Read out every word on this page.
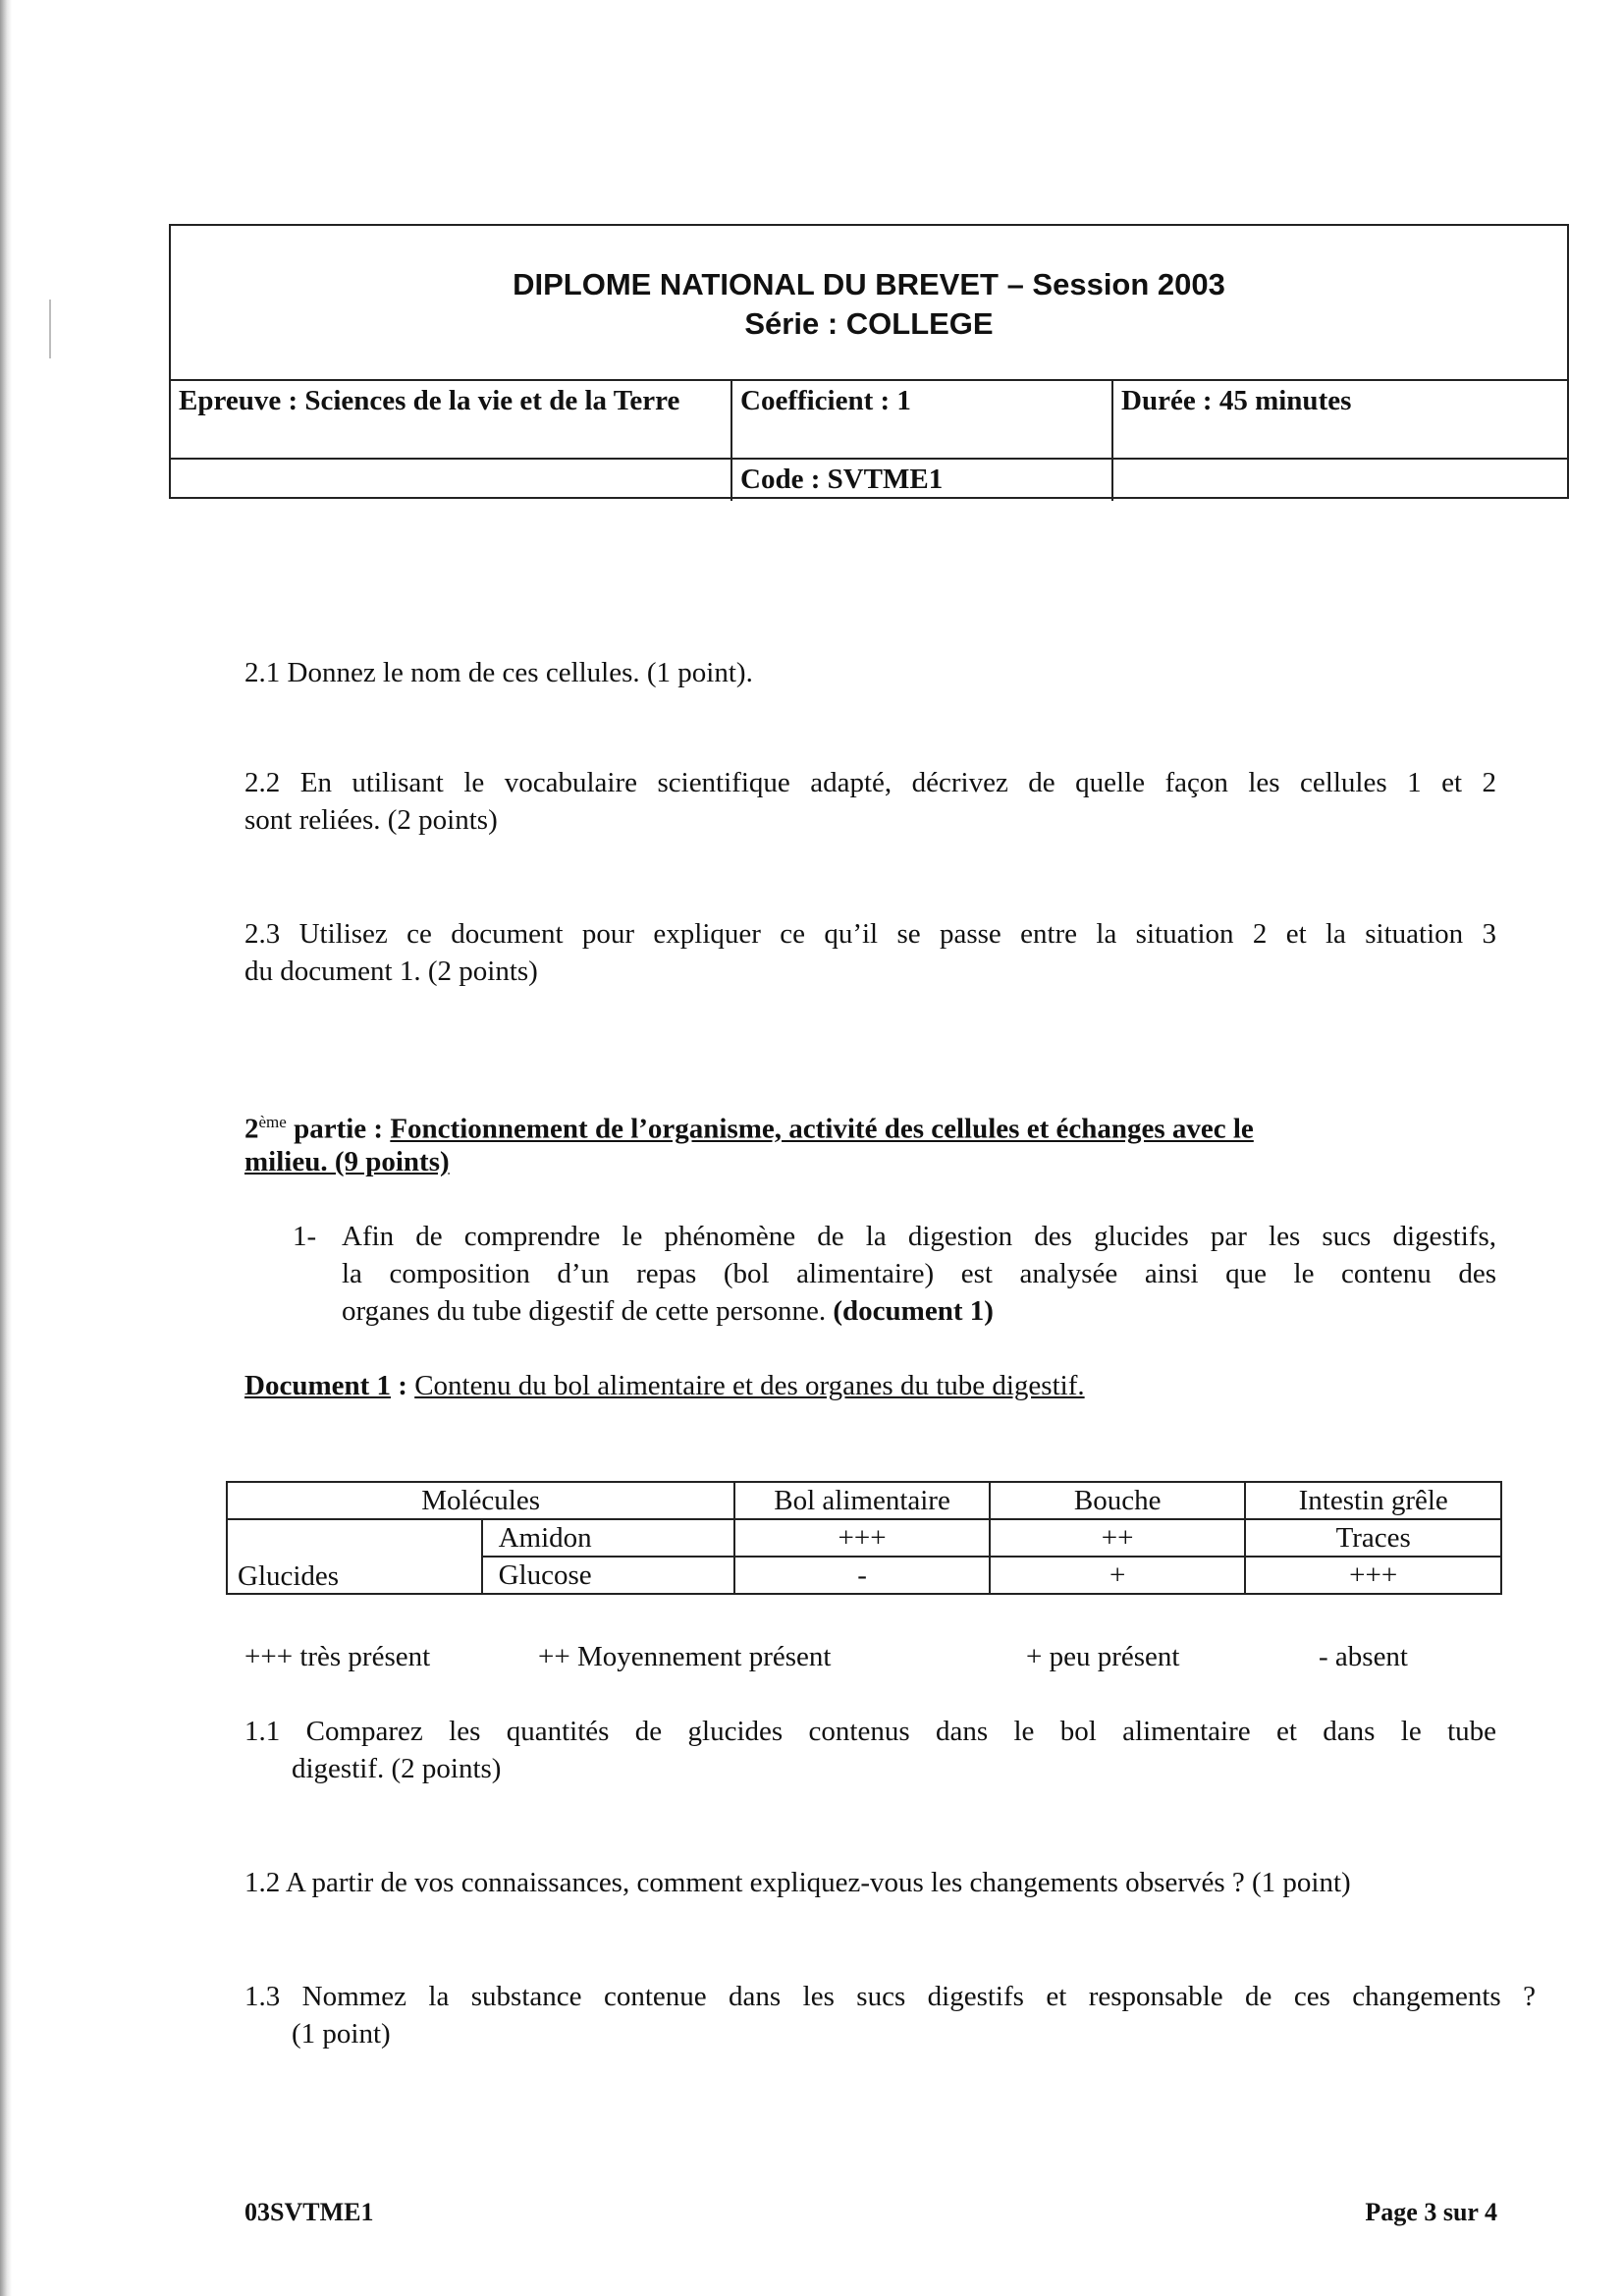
DIPLOME NATIONAL DU BREVET – Session 2003
Série : COLLEGE
Epreuve : Sciences de la vie et de la Terre	Coefficient : 1	Durée : 45 minutes
Code : SVTME1
2.1 Donnez le nom de ces cellules. (1 point).
2.2 En utilisant le vocabulaire scientifique adapté, décrivez de quelle façon les cellules 1 et 2
sont reliées. (2 points)
2.3 Utilisez ce document pour expliquer ce qu’il se passe entre la situation 2 et la situation 3
du document 1. (2 points)
2ème partie : Fonctionnement de l’organisme, activité des cellules et échanges avec le
milieu. (9 points)
1- Afin de comprendre le phénomène de la digestion des glucides par les sucs digestifs,
la composition d’un repas (bol alimentaire) est analysée ainsi que le contenu des
organes du tube digestif de cette personne. (document 1)
Document 1 : Contenu du bol alimentaire et des organes du tube digestif.
Molécules		Bol alimentaire	Bouche	Intestin grêle
Glucides	Amidon	+++	++	Traces
	Glucose	-	+	+++
+++ très présent	++ Moyennement présent	+ peu présent	- absent
1.1 Comparez les quantités de glucides contenus dans le bol alimentaire et dans le tube
digestif. (2 points)
1.2 A partir de vos connaissances, comment expliquez-vous les changements observés ? (1 point)
1.3 Nommez la substance contenue dans les sucs digestifs et responsable de ces changements ?
(1 point)
03SVTME1	Page 3 sur 4
